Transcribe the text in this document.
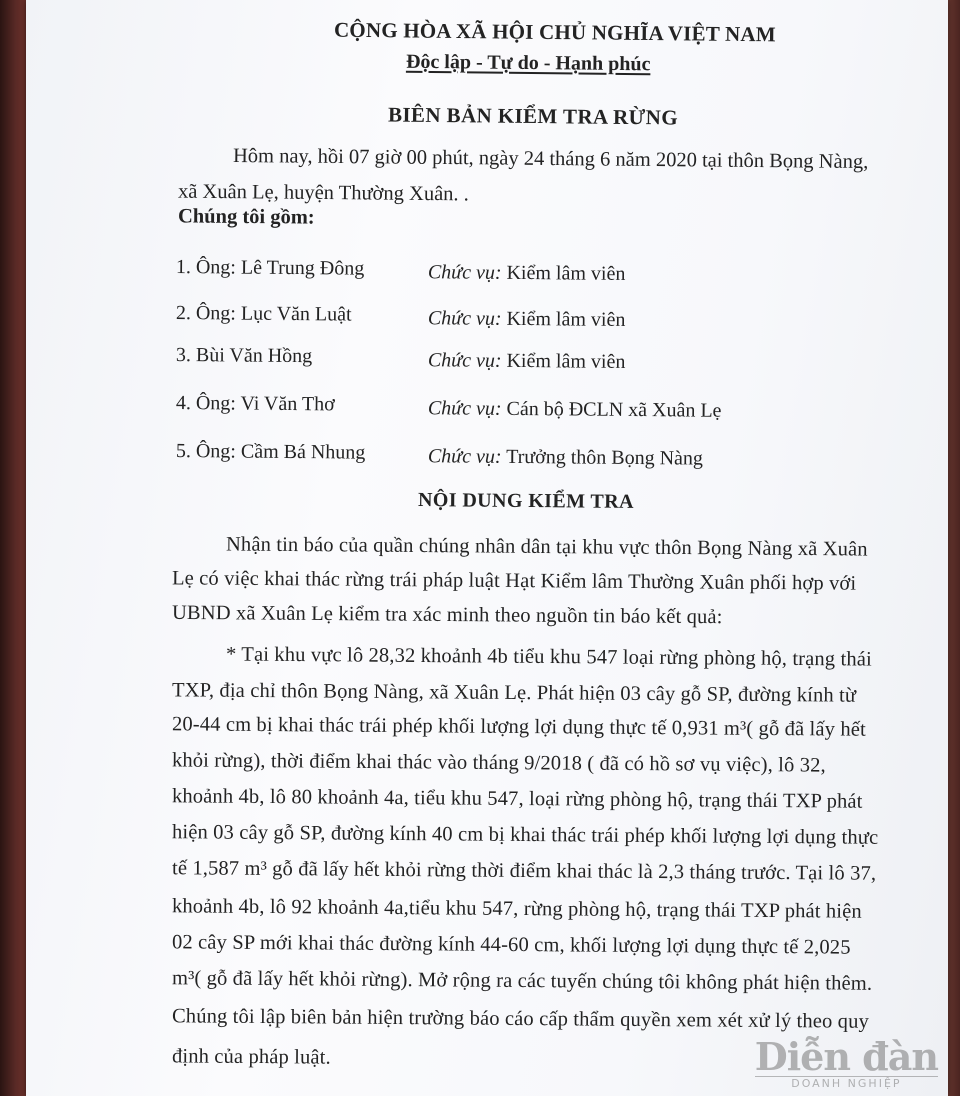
CỘNG HÒA XÃ HỘI CHỦ NGHĨA VIỆT NAM

Độc lập - Tự do - Hạnh phúc

BIÊN BẢN KIỂM TRA RỪNG

Hôm nay, hồi 07 giờ 00 phút, ngày 24 tháng 6 năm 2020 tại thôn Bọng Nàng,

xã Xuân Lẹ, huyện Thường Xuân. .

Chúng tôi gồm:

1. Ông: Lê Trung Đông	Chức vụ: Kiểm lâm viên
2. Ông: Lục Văn Luật	Chức vụ: Kiểm lâm viên
3. Bùi Văn Hồng	Chức vụ: Kiểm lâm viên
4. Ông: Vi Văn Thơ	Chức vụ: Cán bộ ĐCLN xã Xuân Lẹ
5. Ông: Cầm Bá Nhung	Chức vụ: Trưởng thôn Bọng Nàng

NỘI DUNG KIỂM TRA

Nhận tin báo của quần chúng nhân dân tại khu vực thôn Bọng Nàng xã Xuân

Lẹ có việc khai thác rừng trái pháp luật Hạt Kiểm lâm Thường Xuân phối hợp với

UBND xã Xuân Lẹ kiểm tra xác minh theo nguồn tin báo kết quả:

* Tại khu vực lô 28,32 khoảnh 4b tiểu khu 547 loại rừng phòng hộ, trạng thái

TXP, địa chỉ thôn Bọng Nàng, xã Xuân Lẹ. Phát hiện 03 cây gỗ SP, đường kính từ

20-44 cm bị khai thác trái phép khối lượng lợi dụng thực tế 0,931 m³( gỗ đã lấy hết

khỏi rừng), thời điểm khai thác vào tháng 9/2018 ( đã có hồ sơ vụ việc), lô 32,

khoảnh 4b, lô 80 khoảnh 4a, tiểu khu 547, loại rừng phòng hộ, trạng thái TXP phát

hiện 03 cây gỗ SP, đường kính 40 cm bị khai thác trái phép khối lượng lợi dụng thực

tế 1,587 m³ gỗ đã lấy hết khỏi rừng thời điểm khai thác là 2,3 tháng trước. Tại lô 37,

khoảnh 4b, lô 92 khoảnh 4a,tiểu khu 547, rừng phòng hộ, trạng thái TXP phát hiện

02 cây SP mới khai thác đường kính 44-60 cm, khối lượng lợi dụng thực tế 2,025

m³( gỗ đã lấy hết khỏi rừng). Mở rộng ra các tuyến chúng tôi không phát hiện thêm.

Chúng tôi lập biên bản hiện trường báo cáo cấp thẩm quyền xem xét xử lý theo quy

định của pháp luật.	Diễn đàn
DOANH NGHIỆP
